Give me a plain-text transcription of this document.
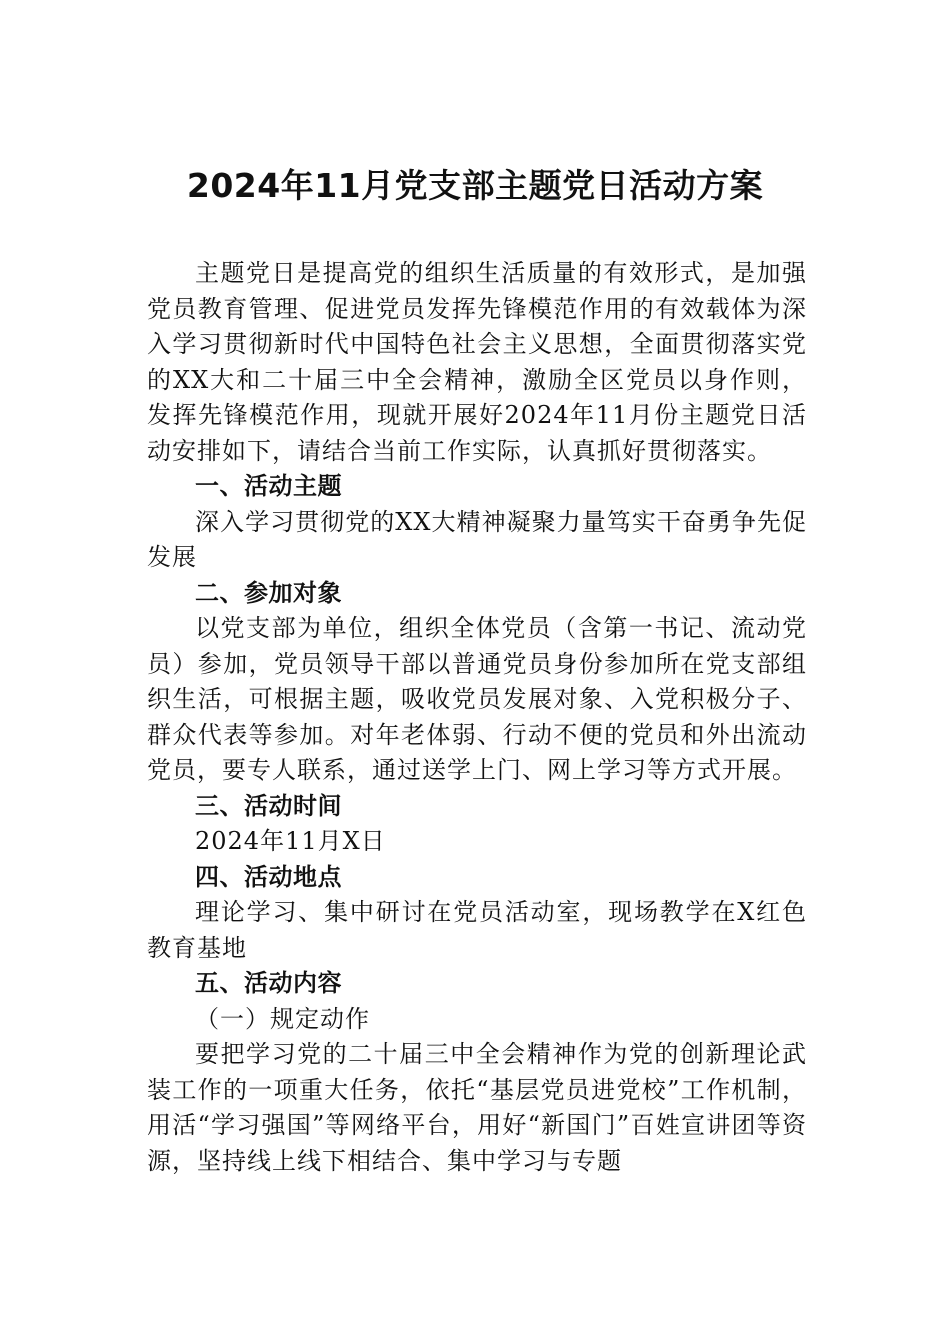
2024年11月党支部主题党日活动方案

主题党日是提高党的组织生活质量的有效形式，是加强党员教育管理、促进党员发挥先锋模范作用的有效载体为深入学习贯彻新时代中国特色社会主义思想，全面贯彻落实党的XX大和二十届三中全会精神，激励全区党员以身作则，发挥先锋模范作用，现就开展好2024年11月份主题党日活动安排如下，请结合当前工作实际，认真抓好贯彻落实。

一、活动主题

深入学习贯彻党的XX大精神凝聚力量笃实干奋勇争先促发展

二、参加对象

以党支部为单位，组织全体党员（含第一书记、流动党员）参加，党员领导干部以普通党员身份参加所在党支部组织生活，可根据主题，吸收党员发展对象、入党积极分子、群众代表等参加。对年老体弱、行动不便的党员和外出流动党员，要专人联系，通过送学上门、网上学习等方式开展。

三、活动时间

2024年11月X日

四、活动地点

理论学习、集中研讨在党员活动室，现场教学在X红色教育基地

五、活动内容

（一）规定动作

要把学习党的二十届三中全会精神作为党的创新理论武装工作的一项重大任务，依托“基层党员进党校”工作机制，用活“学习强国”等网络平台，用好“新国门”百姓宣讲团等资源，坚持线上线下相结合、集中学习与专题
